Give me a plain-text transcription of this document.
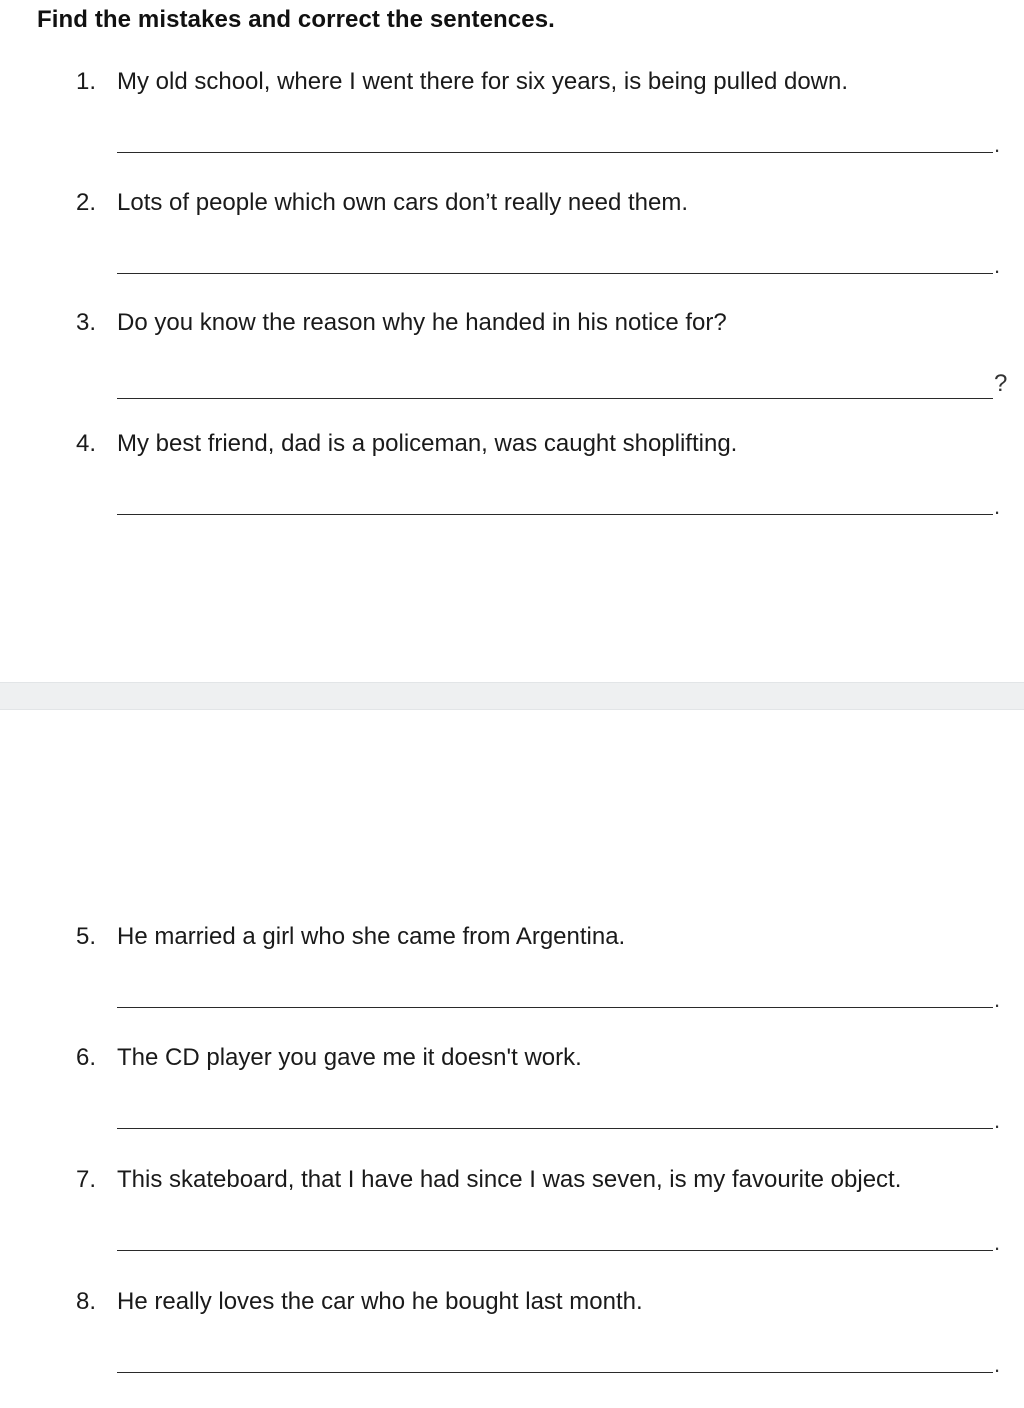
Find the mistakes and correct the sentences.
1. My old school, where I went there for six years, is being pulled down.
.
2. Lots of people which own cars don’t really need them.
.
3. Do you know the reason why he handed in his notice for?
?
4. My best friend, dad is a policeman, was caught shoplifting.
.
5. He married a girl who she came from Argentina.
.
6. The CD player you gave me it doesn't work.
.
7. This skateboard, that I have had since I was seven, is my favourite object.
.
8. He really loves the car who he bought last month.
.
